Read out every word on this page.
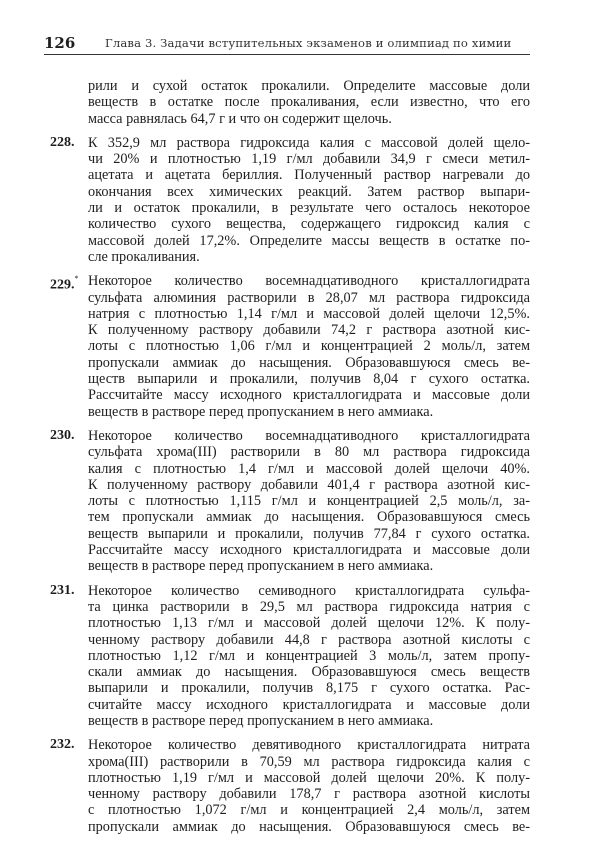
126	Глава 3. Задачи вступительных экзаменов и олимпиад по химии
рили и сухой остаток прокалили. Определите массовые доли
веществ в остатке после прокаливания, если известно, что его
масса равнялась 64,7 г и что он содержит щелочь.
228. К 352,9 мл раствора гидроксида калия с массовой долей щело-
чи 20% и плотностью 1,19 г/мл добавили 34,9 г смеси метил-
ацетата и ацетата бериллия. Полученный раствор нагревали до
окончания всех химических реакций. Затем раствор выпари-
ли и остаток прокалили, в результате чего осталось некоторое
количество сухого вещества, содержащего гидроксид калия с
массовой долей 17,2%. Определите массы веществ в остатке по-
сле прокаливания.
229.* Некоторое количество восемнадцативодного кристаллогидрата
сульфата алюминия растворили в 28,07 мл раствора гидроксида
натрия с плотностью 1,14 г/мл и массовой долей щелочи 12,5%.
К полученному раствору добавили 74,2 г раствора азотной кис-
лоты с плотностью 1,06 г/мл и концентрацией 2 моль/л, затем
пропускали аммиак до насыщения. Образовавшуюся смесь ве-
ществ выпарили и прокалили, получив 8,04 г сухого остатка.
Рассчитайте массу исходного кристаллогидрата и массовые доли
веществ в растворе перед пропусканием в него аммиака.
230. Некоторое количество восемнадцативодного кристаллогидрата
сульфата хрома(III) растворили в 80 мл раствора гидроксида
калия с плотностью 1,4 г/мл и массовой долей щелочи 40%.
К полученному раствору добавили 401,4 г раствора азотной кис-
лоты с плотностью 1,115 г/мл и концентрацией 2,5 моль/л, за-
тем пропускали аммиак до насыщения. Образовавшуюся смесь
веществ выпарили и прокалили, получив 77,84 г сухого остатка.
Рассчитайте массу исходного кристаллогидрата и массовые доли
веществ в растворе перед пропусканием в него аммиака.
231. Некоторое количество семиводного кристаллогидрата сульфа-
та цинка растворили в 29,5 мл раствора гидроксида натрия с
плотностью 1,13 г/мл и массовой долей щелочи 12%. К полу-
ченному раствору добавили 44,8 г раствора азотной кислоты с
плотностью 1,12 г/мл и концентрацией 3 моль/л, затем пропу-
скали аммиак до насыщения. Образовавшуюся смесь веществ
выпарили и прокалили, получив 8,175 г сухого остатка. Рас-
считайте массу исходного кристаллогидрата и массовые доли
веществ в растворе перед пропусканием в него аммиака.
232. Некоторое количество девятиводного кристаллогидрата нитрата
хрома(III) растворили в 70,59 мл раствора гидроксида калия с
плотностью 1,19 г/мл и массовой долей щелочи 20%. К полу-
ченному раствору добавили 178,7 г раствора азотной кислоты
с плотностью 1,072 г/мл и концентрацией 2,4 моль/л, затем
пропускали аммиак до насыщения. Образовавшуюся смесь ве-
